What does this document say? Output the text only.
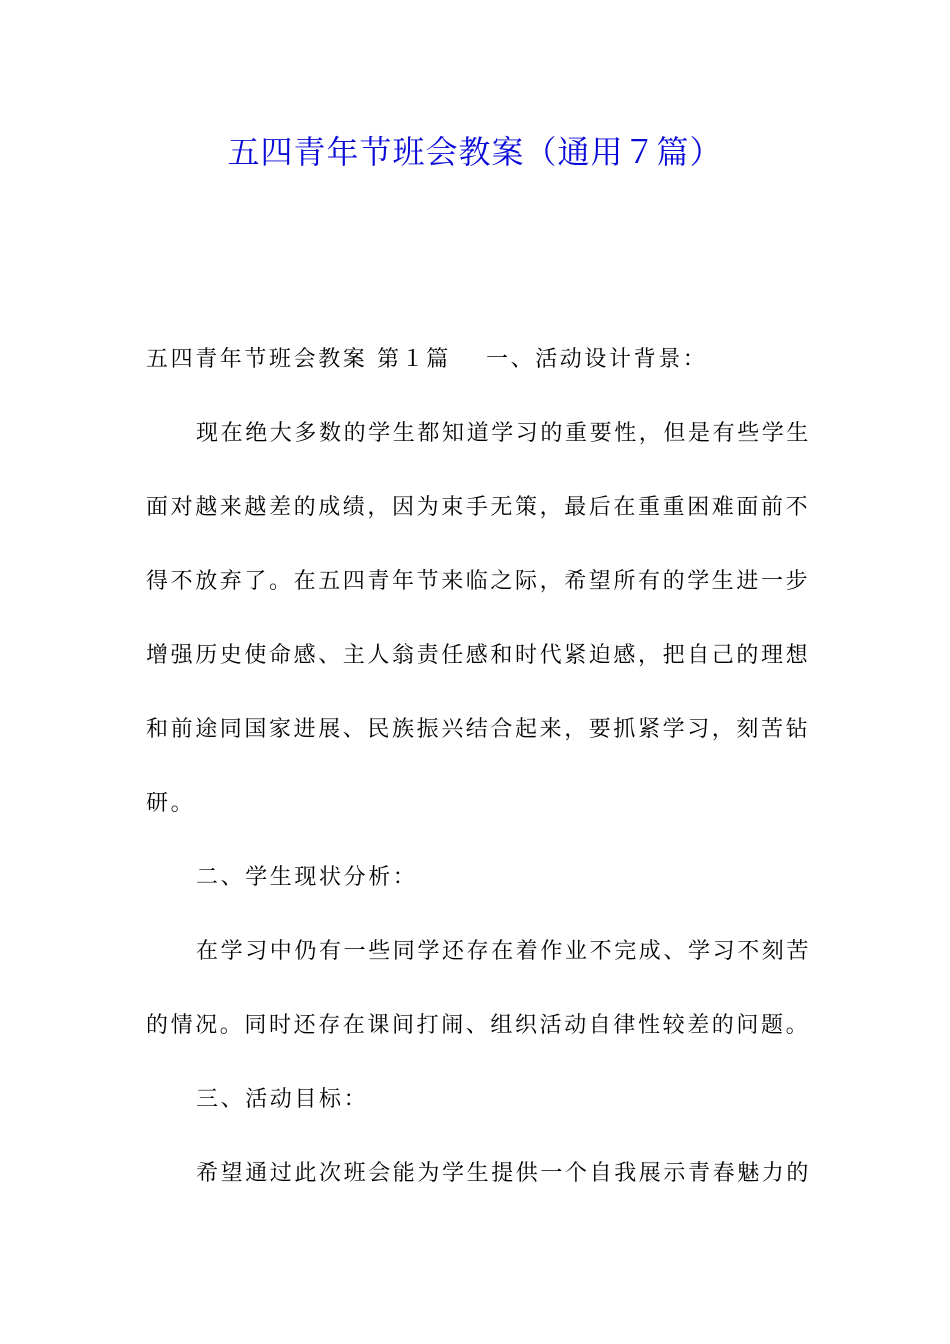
五四青年节班会教案（通用７篇）
五四青年节班会教案 第１篇	一、活动设计背景：
现在绝大多数的学生都知道学习的重要性，但是有些学生
面对越来越差的成绩，因为束手无策，最后在重重困难面前不
得不放弃了。在五四青年节来临之际，希望所有的学生进一步
增强历史使命感、主人翁责任感和时代紧迫感，把自己的理想
和前途同国家进展、民族振兴结合起来，要抓紧学习，刻苦钻
研。
二、学生现状分析：
在学习中仍有一些同学还存在着作业不完成、学习不刻苦
的情况。同时还存在课间打闹、组织活动自律性较差的问题。
三、活动目标：
希望通过此次班会能为学生提供一个自我展示青春魅力的
